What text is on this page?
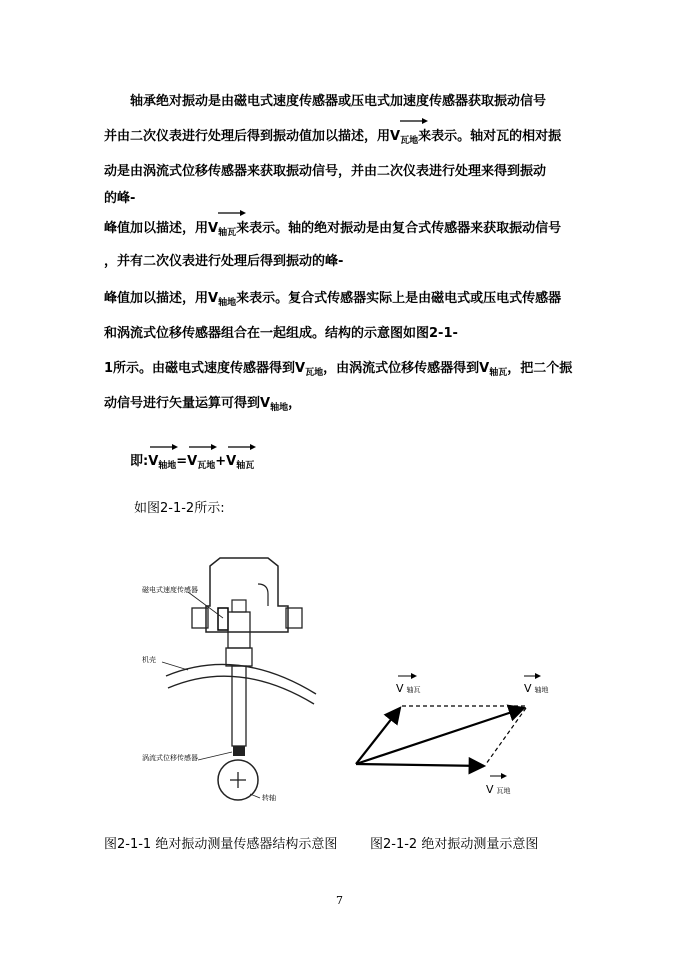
轴承绝对振动是由磁电式速度传感器或压电式加速度传感器获取振动信号
并由二次仪表进行处理后得到振动值加以描述，用V
$_{瓦地}$来表示。轴对瓦的相对振
动是由涡流式位移传感器来获取振动信号，并由二次仪表进行处理来得到振动
的峰-
峰值加以描述，用V
$_{轴瓦}$来表示。轴的绝对振动是由复合式传感器来获取振动信号
，并有二次仪表进行处理后得到振动的峰-
峰值加以描述，用$V_{轴地}$来表示。复合式传感器实际上是由磁电式或压电式传感器
和涡流式位移传感器组合在一起组成。结构的示意图如图2-1-
1所示。由磁电式速度传感器得到$V_{瓦地}$，由涡流式位移传感器得到$V_{轴瓦}$，把二个振
动信号进行矢量运算可得到$V_{轴地}$，
即:V
$_{轴地}$=V
$_{瓦地}$+V
$_{轴瓦}$
如图2-1-2所示:
磁电式速度传感器
机壳
涡流式位移传感器
转轴
V轴瓦	V轴地
V瓦地
图2-1-1 绝对振动测量传感器结构示意图	图2-1-2 绝对振动测量示意图
7
